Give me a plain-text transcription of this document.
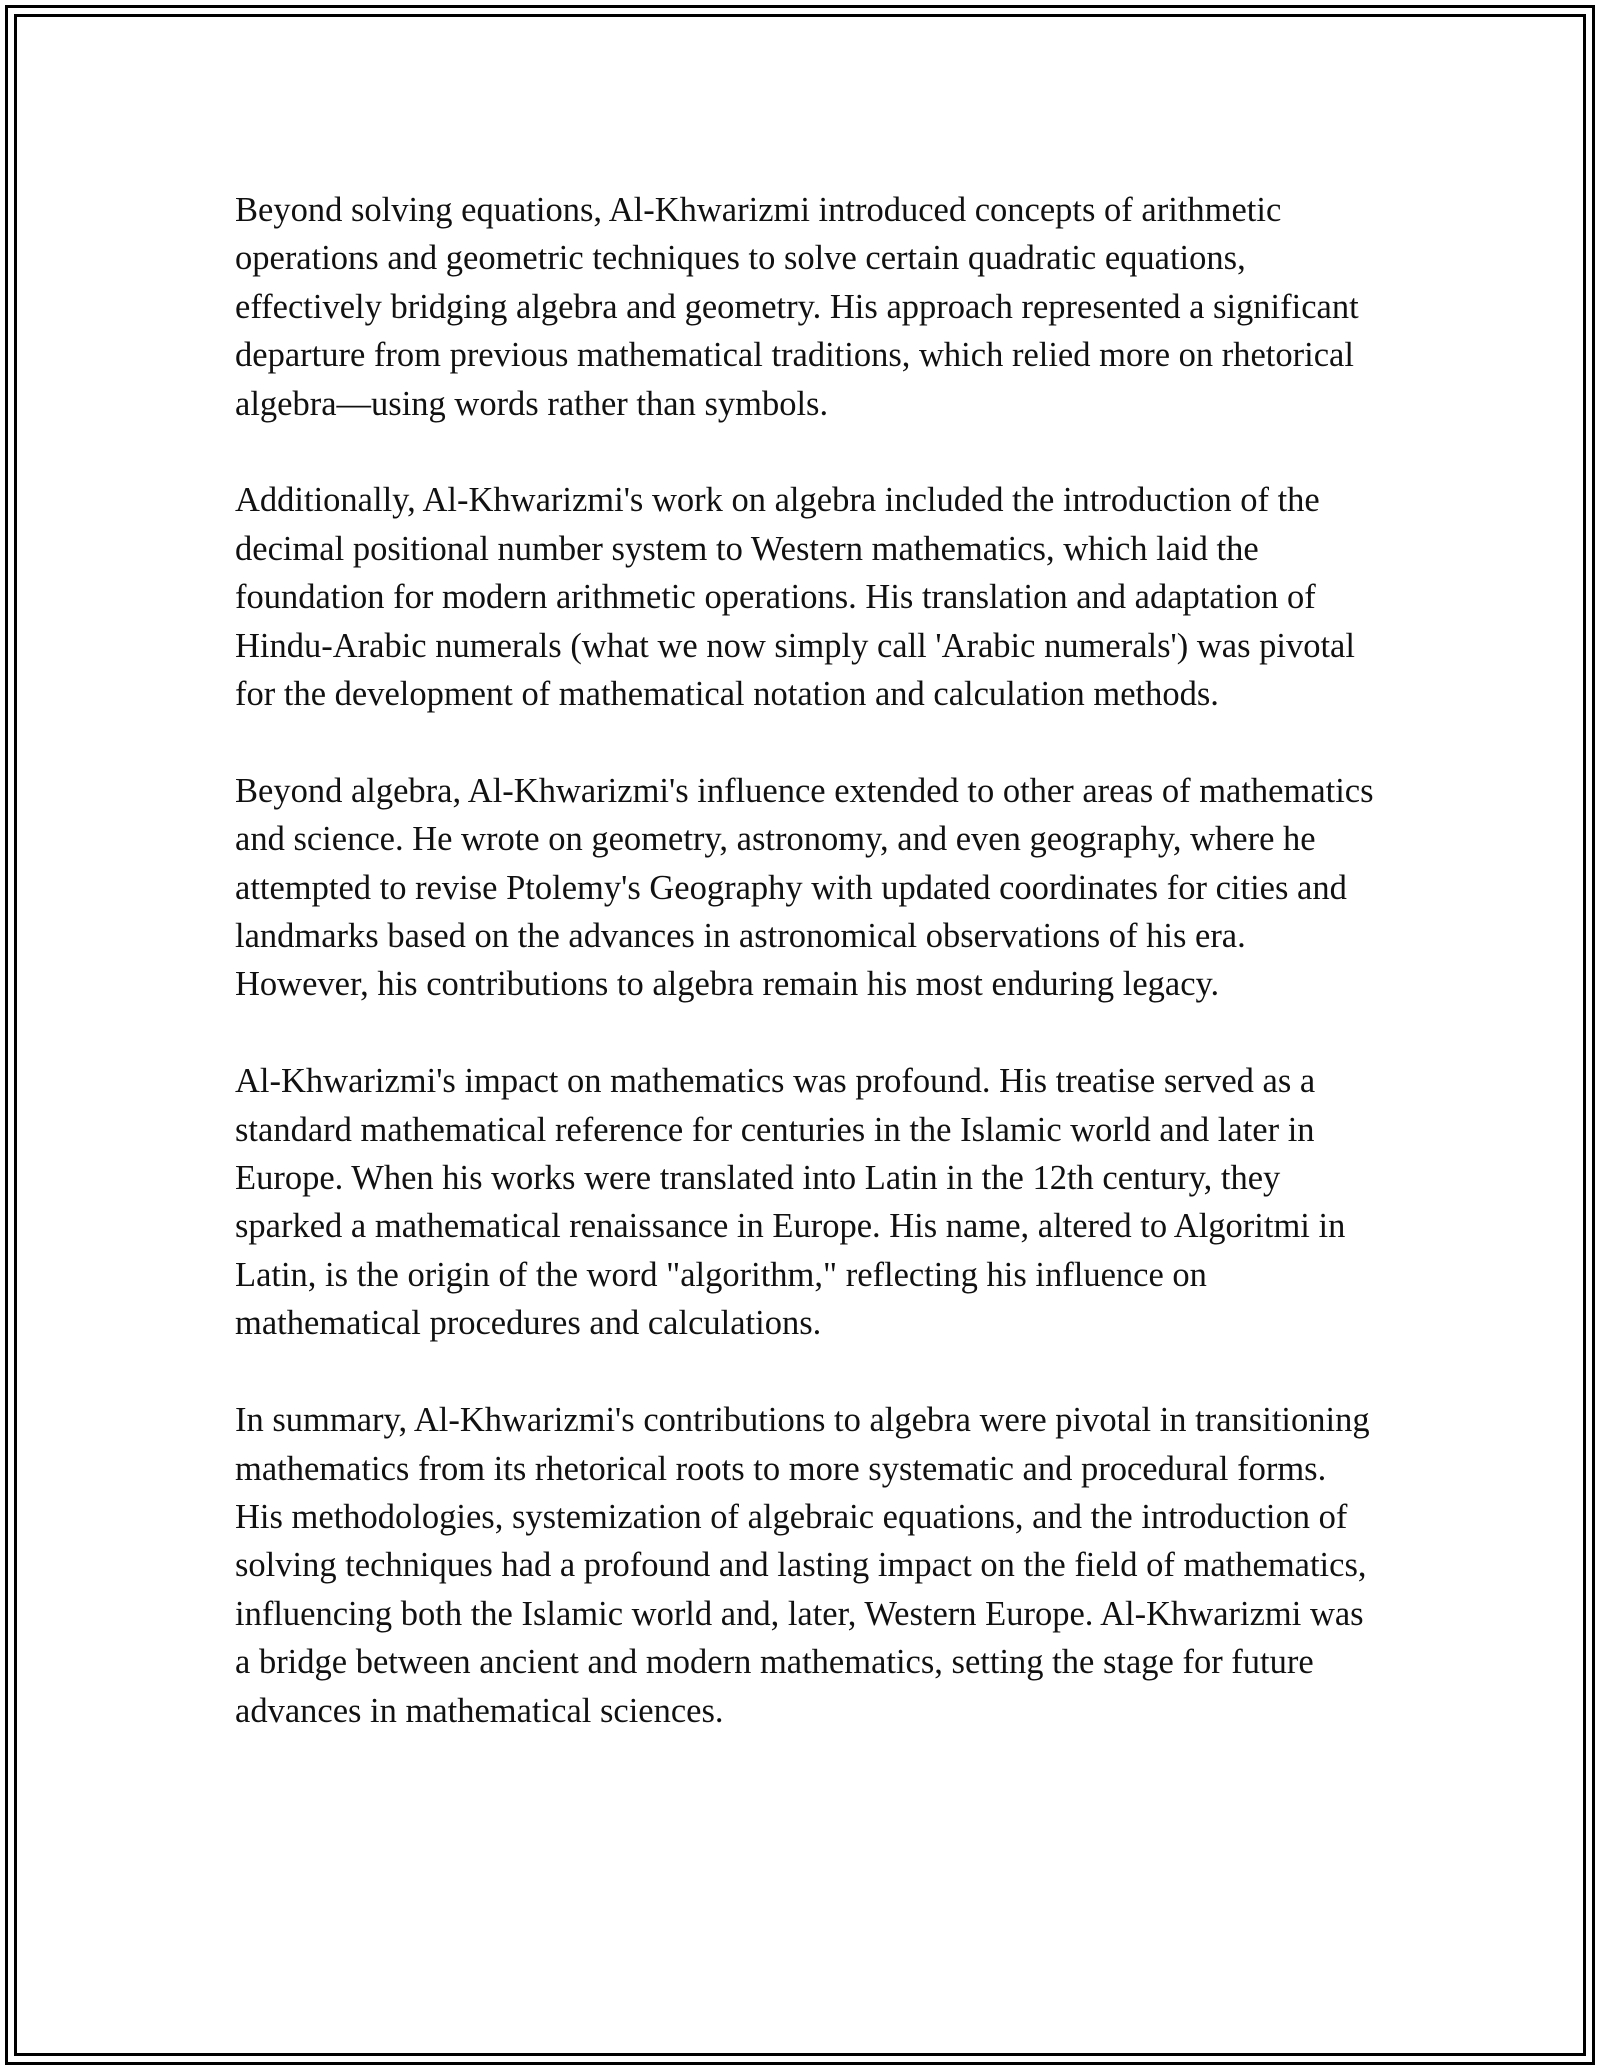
Beyond solving equations, Al-Khwarizmi introduced concepts of arithmetic operations and geometric techniques to solve certain quadratic equations, effectively bridging algebra and geometry. His approach represented a significant departure from previous mathematical traditions, which relied more on rhetorical algebra—using words rather than symbols.

Additionally, Al-Khwarizmi's work on algebra included the introduction of the decimal positional number system to Western mathematics, which laid the foundation for modern arithmetic operations. His translation and adaptation of Hindu-Arabic numerals (what we now simply call 'Arabic numerals') was pivotal for the development of mathematical notation and calculation methods.

Beyond algebra, Al-Khwarizmi's influence extended to other areas of mathematics and science. He wrote on geometry, astronomy, and even geography, where he attempted to revise Ptolemy's Geography with updated coordinates for cities and landmarks based on the advances in astronomical observations of his era. However, his contributions to algebra remain his most enduring legacy.

Al-Khwarizmi's impact on mathematics was profound. His treatise served as a standard mathematical reference for centuries in the Islamic world and later in Europe. When his works were translated into Latin in the 12th century, they sparked a mathematical renaissance in Europe. His name, altered to Algoritmi in Latin, is the origin of the word "algorithm," reflecting his influence on mathematical procedures and calculations.

In summary, Al-Khwarizmi's contributions to algebra were pivotal in transitioning mathematics from its rhetorical roots to more systematic and procedural forms. His methodologies, systemization of algebraic equations, and the introduction of solving techniques had a profound and lasting impact on the field of mathematics, influencing both the Islamic world and, later, Western Europe. Al-Khwarizmi was a bridge between ancient and modern mathematics, setting the stage for future advances in mathematical sciences.
